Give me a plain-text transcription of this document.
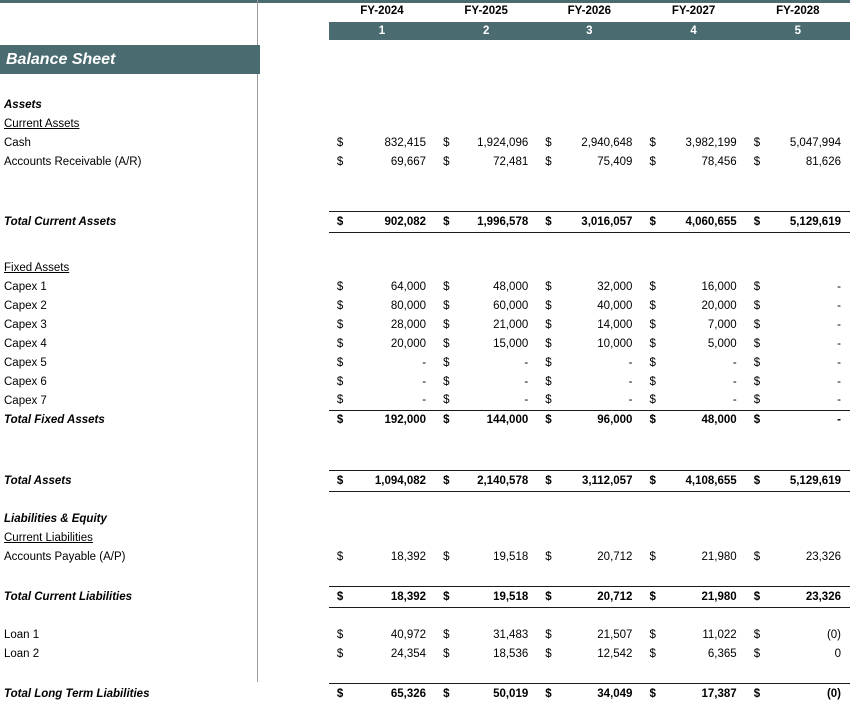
		FY-2024		FY-2025		FY-2026		FY-2027		FY-2028	
		1		2		3		4		5	

Balance Sheet											

Assets											
Current Assets											
Cash		$	832,415	$	1,924,096	$	2,940,648	$	3,982,199	$	5,047,994
Accounts Receivable (A/R)		$	69,667	$	72,481	$	75,409	$	78,456	$	81,626

Total Current Assets		$	902,082	$	1,996,578	$	3,016,057	$	4,060,655	$	5,129,619

Fixed Assets											
Capex 1		$	64,000	$	48,000	$	32,000	$	16,000	$	-
Capex 2		$	80,000	$	60,000	$	40,000	$	20,000	$	-
Capex 3		$	28,000	$	21,000	$	14,000	$	7,000	$	-
Capex 4		$	20,000	$	15,000	$	10,000	$	5,000	$	-
Capex 5		$	-	$	-	$	-	$	-	$	-
Capex 6		$	-	$	-	$	-	$	-	$	-
Capex 7		$	-	$	-	$	-	$	-	$	-
Total Fixed Assets		$	192,000	$	144,000	$	96,000	$	48,000	$	-

Total Assets		$	1,094,082	$	2,140,578	$	3,112,057	$	4,108,655	$	5,129,619

Liabilities & Equity											
Current Liabilities											
Accounts Payable (A/P)		$	18,392	$	19,518	$	20,712	$	21,980	$	23,326

Total Current Liabilities		$	18,392	$	19,518	$	20,712	$	21,980	$	23,326

Loan 1		$	40,972	$	31,483	$	21,507	$	11,022	$	(0)
Loan 2		$	24,354	$	18,536	$	12,542	$	6,365	$	0

Total Long Term Liabilities		$	65,326	$	50,019	$	34,049	$	17,387	$	(0)
